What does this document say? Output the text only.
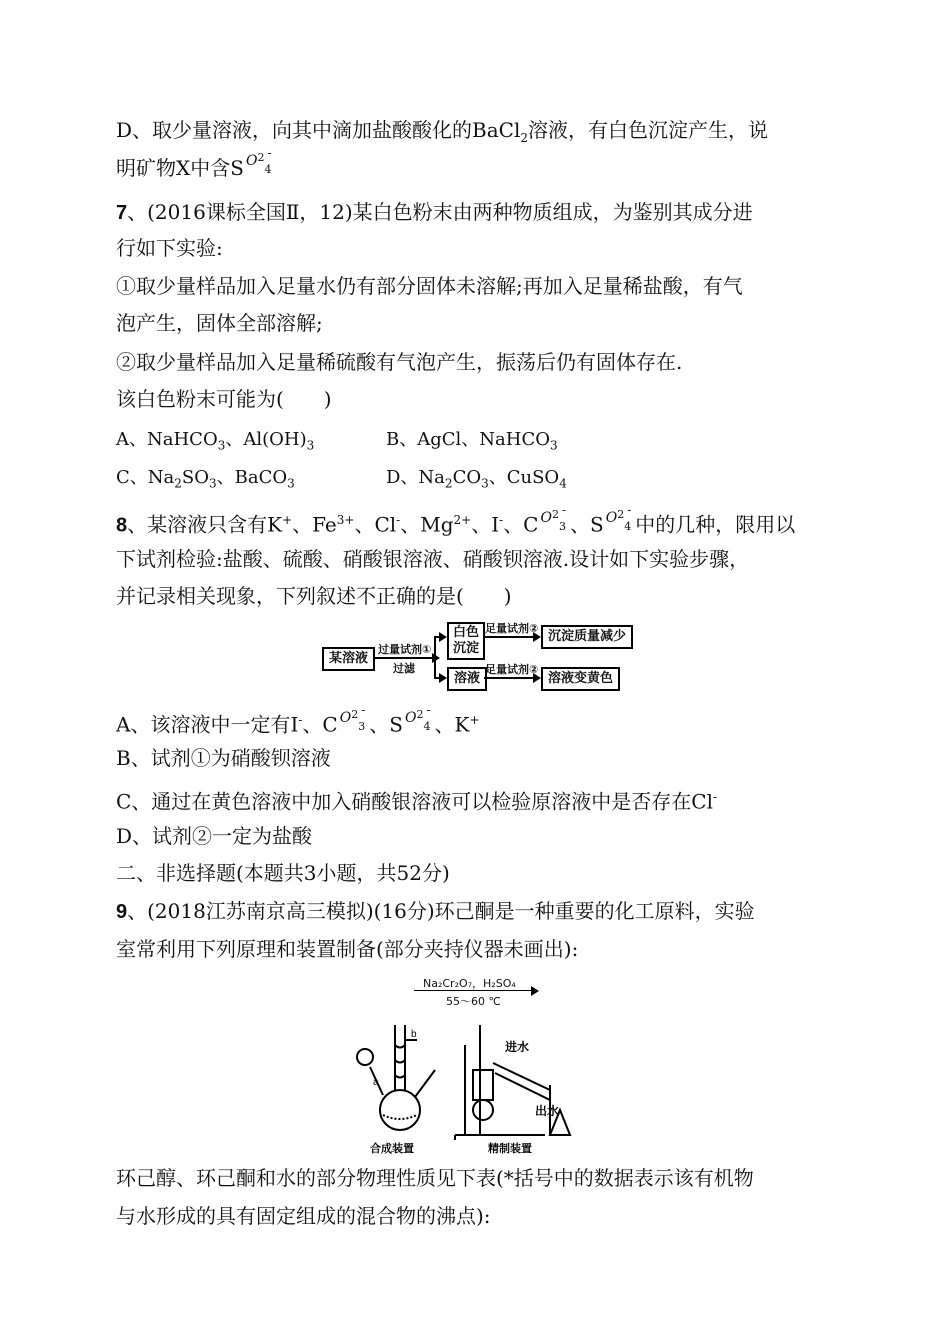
D、取少量溶液，向其中滴加盐酸酸化的BaCl$_2$溶液，有白色沉淀产生，说
明矿物X中含S $^{O2}$4-
7、(2016课标全国Ⅱ，12)某白色粉末由两种物质组成，为鉴别其成分进
行如下实验:
①取少量样品加入足量水仍有部分固体未溶解;再加入足量稀盐酸，有气
泡产生，固体全部溶解;
②取少量样品加入足量稀硫酸有气泡产生，振荡后仍有固体存在.
该白色粉末可能为(　　)
A、NaHCO$_3$、$Al(OH)_3$	B、AgCl、NaHCO$_3$
C、$Na_2SO_3$、BaCO$_3$	D、$Na_2CO_3$、CuSO$_4$
8、某溶液只含有K+、$Fe^{3+}$、Cl-、$Mg^{2+}$、I-、C $^{O2}$3-、S $^{O2}$4-中的几种，限用以
下试剂检验:盐酸、硫酸、硝酸银溶液、硝酸钡溶液.设计如下实验步骤，
并记录相关现象，下列叙述不正确的是(　　)
某溶液
过量试剂①
过滤
白色
沉淀
足量试剂②
沉淀质量减少
溶液
足量试剂②
溶液变黄色
A、该溶液中一定有I-、C $^{O2}$3-、S $^{O2}$4-、K+
B、试剂①为硝酸钡溶液
C、通过在黄色溶液中加入硝酸银溶液可以检验原溶液中是否存在Cl-
D、试剂②一定为盐酸
二、非选择题(本题共3小题，共52分)
9、(2018江苏南京高三模拟)(16分)环己酮是一种重要的化工原料，实验
室常利用下列原理和装置制备(部分夹持仪器未画出):
Na₂Cr₂O₇，H₂SO₄
55～60 ℃
b
a
进水
出水
合成装置	精制装置
环己醇、环己酮和水的部分物理性质见下表(*括号中的数据表示该有机物
与水形成的具有固定组成的混合物的沸点):
